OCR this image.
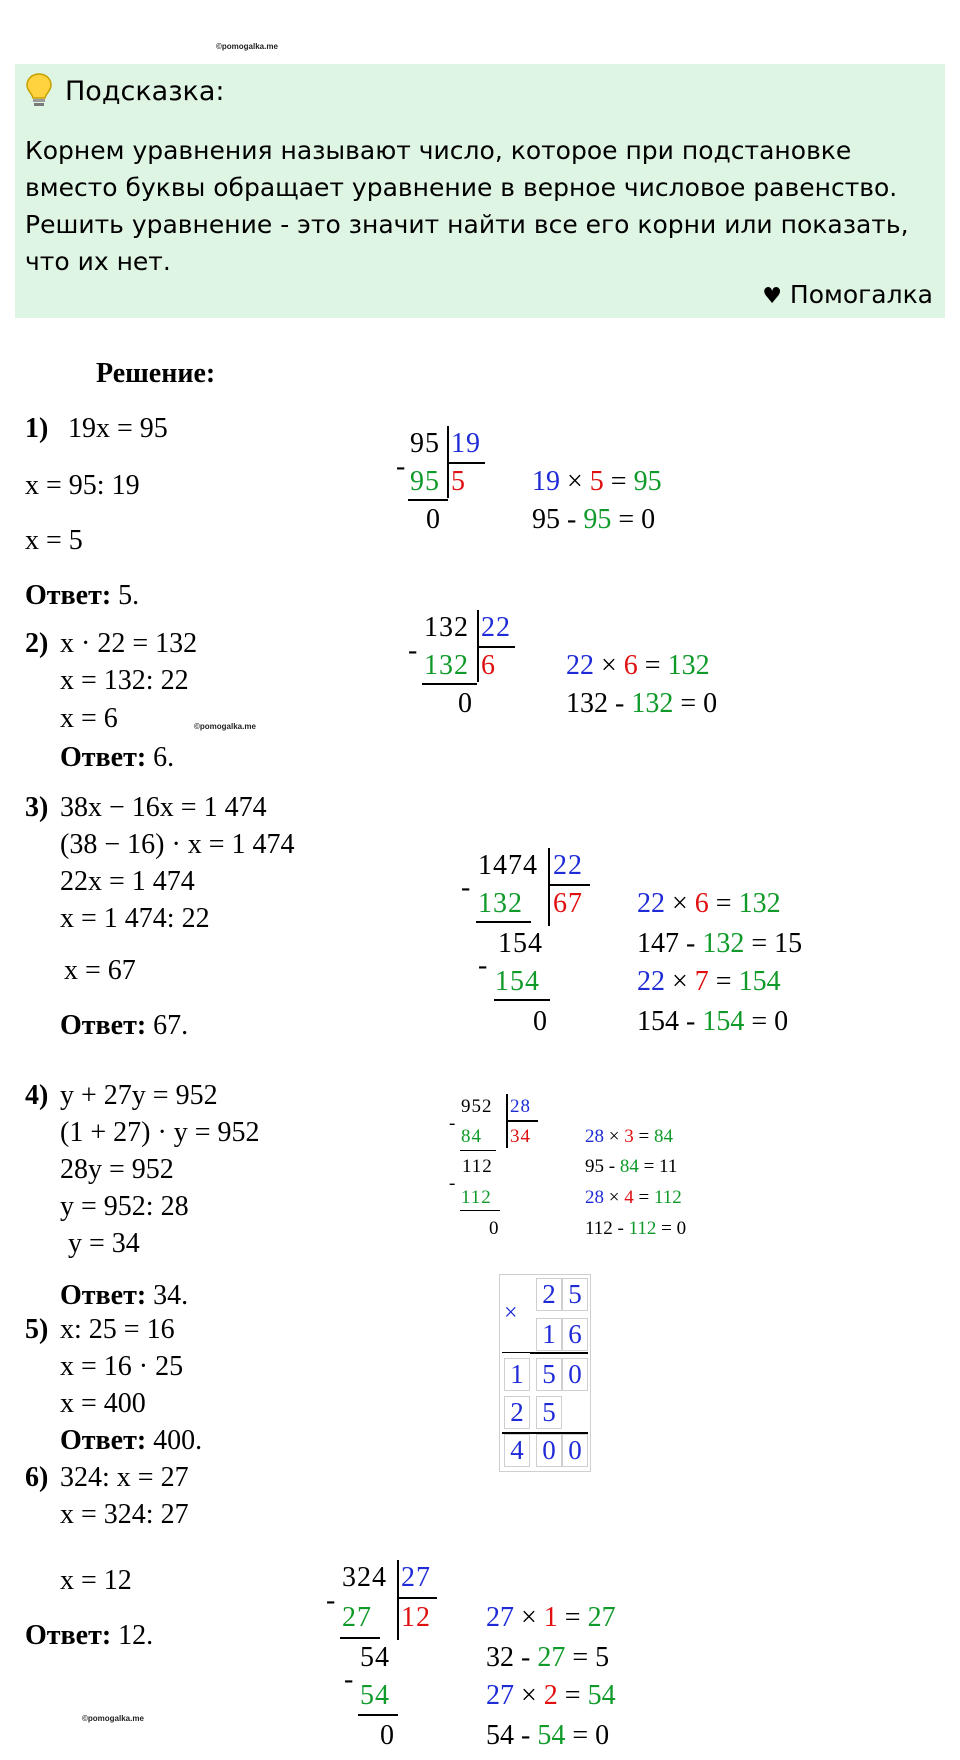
©pomogalka.me
Подсказка:
Корнем уравнения называют число, которое при подстановке вместо буквы обращает уравнение в верное числовое равенство. Решить уравнение - это значит найти все его корни или показать, что их нет.
♥ Помогалка
Решение:
1) 19x = 95
x = 95: 19
x = 5
Ответ: 5.
95 19
- 95 5
0
19 × 5 = 95
95 - 95 = 0
2) x · 22 = 132
x = 132: 22
x = 6	©pomogalka.me
Ответ: 6.
132 22
- 132 6
0
22 × 6 = 132
132 - 132 = 0
3) 38x − 16x = 1 474
(38 − 16) · x = 1 474
22x = 1 474
x = 1 474: 22
x = 67
Ответ: 67.
1474 22
-
132 67
154
-
154
0
22 × 6 = 132
147 - 132 = 15
22 × 7 = 154
154 - 154 = 0
4) y + 27y = 952
(1 + 27) · y = 952
28y = 952
y = 952: 28
y = 34
Ответ: 34.
952 28
-
84 34
112
-
112
0
28 × 3 = 84
95 - 84 = 11
28 × 4 = 112
112 - 112 = 0
5) x: 25 = 16
x = 16 · 25
x = 400
Ответ: 400.
×
2 5
1 6
1 5 0
2 5
4 0 0
6) 324: x = 27
x = 324: 27
x = 12
Ответ: 12.
©pomogalka.me
324 27
-
27 12
54
-
54
0
27 × 1 = 27
32 - 27 = 5
27 × 2 = 54
54 - 54 = 0
